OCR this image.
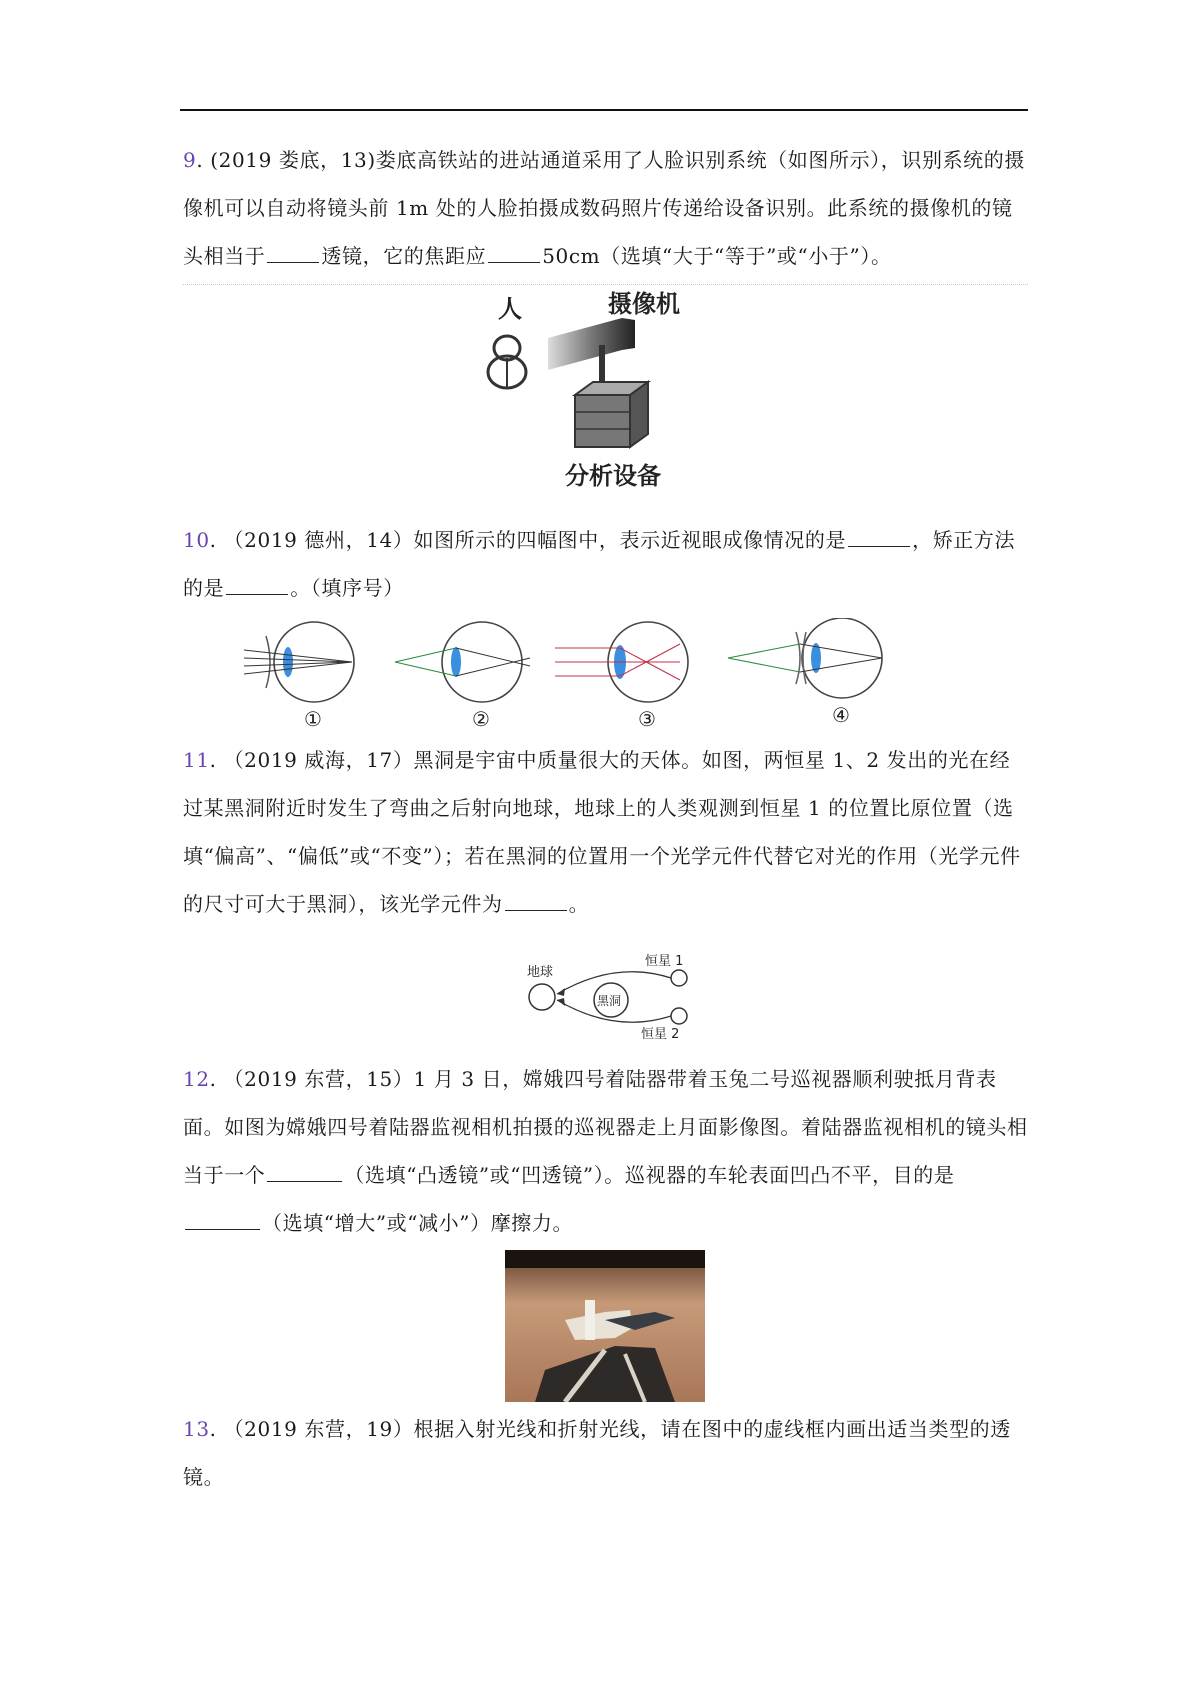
9. (2019 娄底，13)娄底高铁站的进站通道采用了人脸识别系统（如图所示），识别系统的摄像机可以自动将镜头前 1m 处的人脸拍摄成数码照片传递给设备识别。此系统的摄像机的镜头相当于	透镜，它的焦距应	50cm（选填“大于“等于”或“小于”）。

人	摄像机
分析设备

10. （2019 德州，14）如图所示的四幅图中，表示近视眼成像情况的是	，矫正方法的是	。（填序号）

①	②	③	④

11. （2019 威海，17）黑洞是宇宙中质量很大的天体。如图，两恒星 1、2 发出的光在经过某黑洞附近时发生了弯曲之后射向地球，地球上的人类观测到恒星 1 的位置比原位置（选填“偏高”、“偏低”或“不变”）；若在黑洞的位置用一个光学元件代替它对光的作用（光学元件的尺寸可大于黑洞），该光学元件为	。

地球
黑洞
恒星 1
恒星 2

12. （2019 东营，15）1 月 3 日，嫦娥四号着陆器带着玉兔二号巡视器顺利驶抵月背表面。如图为嫦娥四号着陆器监视相机拍摄的巡视器走上月面影像图。着陆器监视相机的镜头相当于一个	（选填“凸透镜”或“凹透镜”）。巡视器的车轮表面凹凸不平，目的是（选填“增大”或“减小”）摩擦力。

13. （2019 东营，19）根据入射光线和折射光线，请在图中的虚线框内画出适当类型的透镜。
